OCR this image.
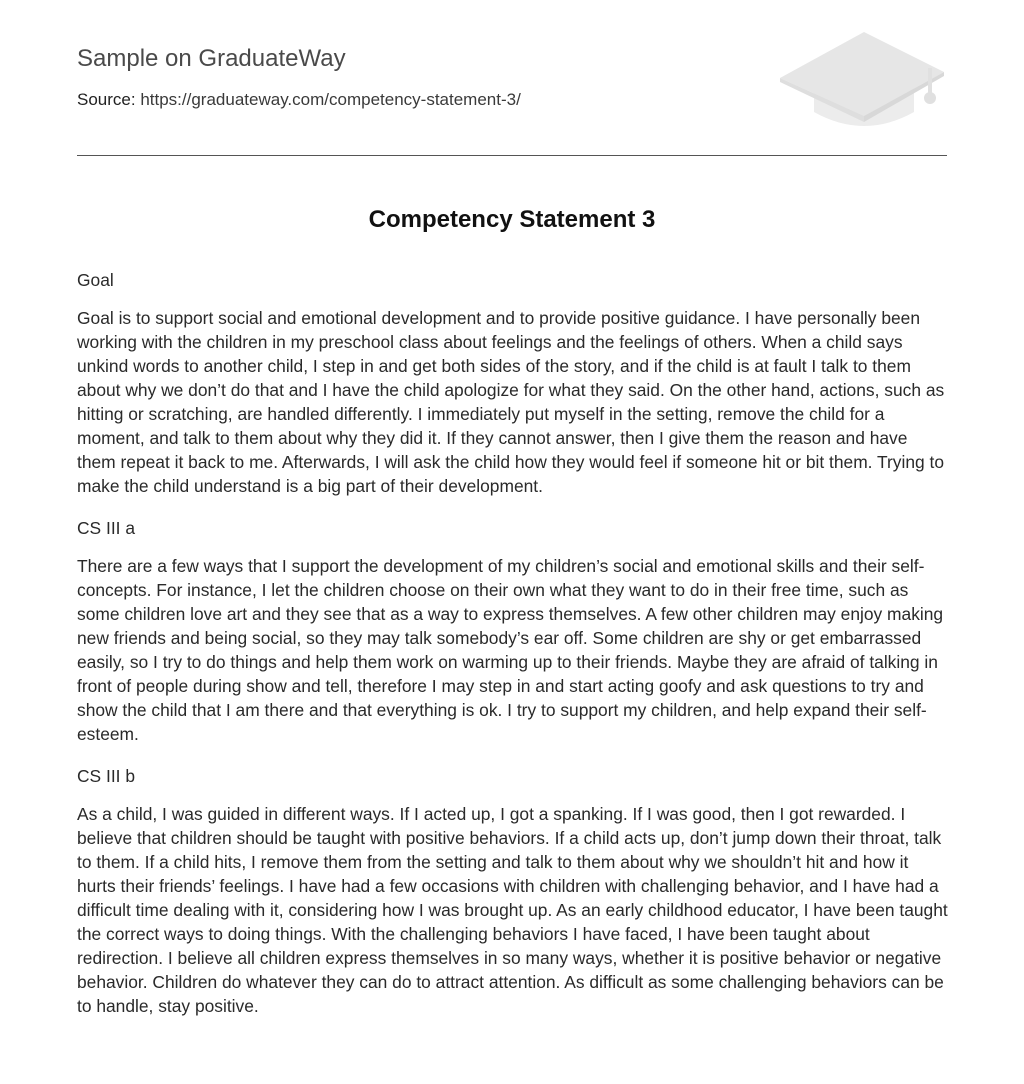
Sample on GraduateWay
Source: https://graduateway.com/competency-statement-3/
Competency Statement 3

Goal

Goal is to support social and emotional development and to provide positive guidance. I have personally been working with the children in my preschool class about feelings and the feelings of others. When a child says unkind words to another child, I step in and get both sides of the story, and if the child is at fault I talk to them about why we don’t do that and I have the child apologize for what they said. On the other hand, actions, such as hitting or scratching, are handled differently. I immediately put myself in the setting, remove the child for a moment, and talk to them about why they did it. If they cannot answer, then I give them the reason and have them repeat it back to me. Afterwards, I will ask the child how they would feel if someone hit or bit them. Trying to make the child understand is a big part of their development.

CS III a

There are a few ways that I support the development of my children’s social and emotional skills and their self-concepts. For instance, I let the children choose on their own what they want to do in their free time, such as some children love art and they see that as a way to express themselves. A few other children may enjoy making new friends and being social, so they may talk somebody’s ear off. Some children are shy or get embarrassed easily, so I try to do things and help them work on warming up to their friends. Maybe they are afraid of talking in front of people during show and tell, therefore I may step in and start acting goofy and ask questions to try and show the child that I am there and that everything is ok. I try to support my children, and help expand their self-esteem.

CS III b

As a child, I was guided in different ways. If I acted up, I got a spanking. If I was good, then I got rewarded. I believe that children should be taught with positive behaviors. If a child acts up, don’t jump down their throat, talk to them. If a child hits, I remove them from the setting and talk to them about why we shouldn’t hit and how it hurts their friends’ feelings. I have had a few occasions with children with challenging behavior, and I have had a difficult time dealing with it, considering how I was brought up. As an early childhood educator, I have been taught the correct ways to doing things. With the challenging behaviors I have faced, I have been taught about redirection. I believe all children express themselves in so many ways, whether it is positive behavior or negative behavior. Children do whatever they can do to attract attention. As difficult as some challenging behaviors can be to handle, stay positive.
